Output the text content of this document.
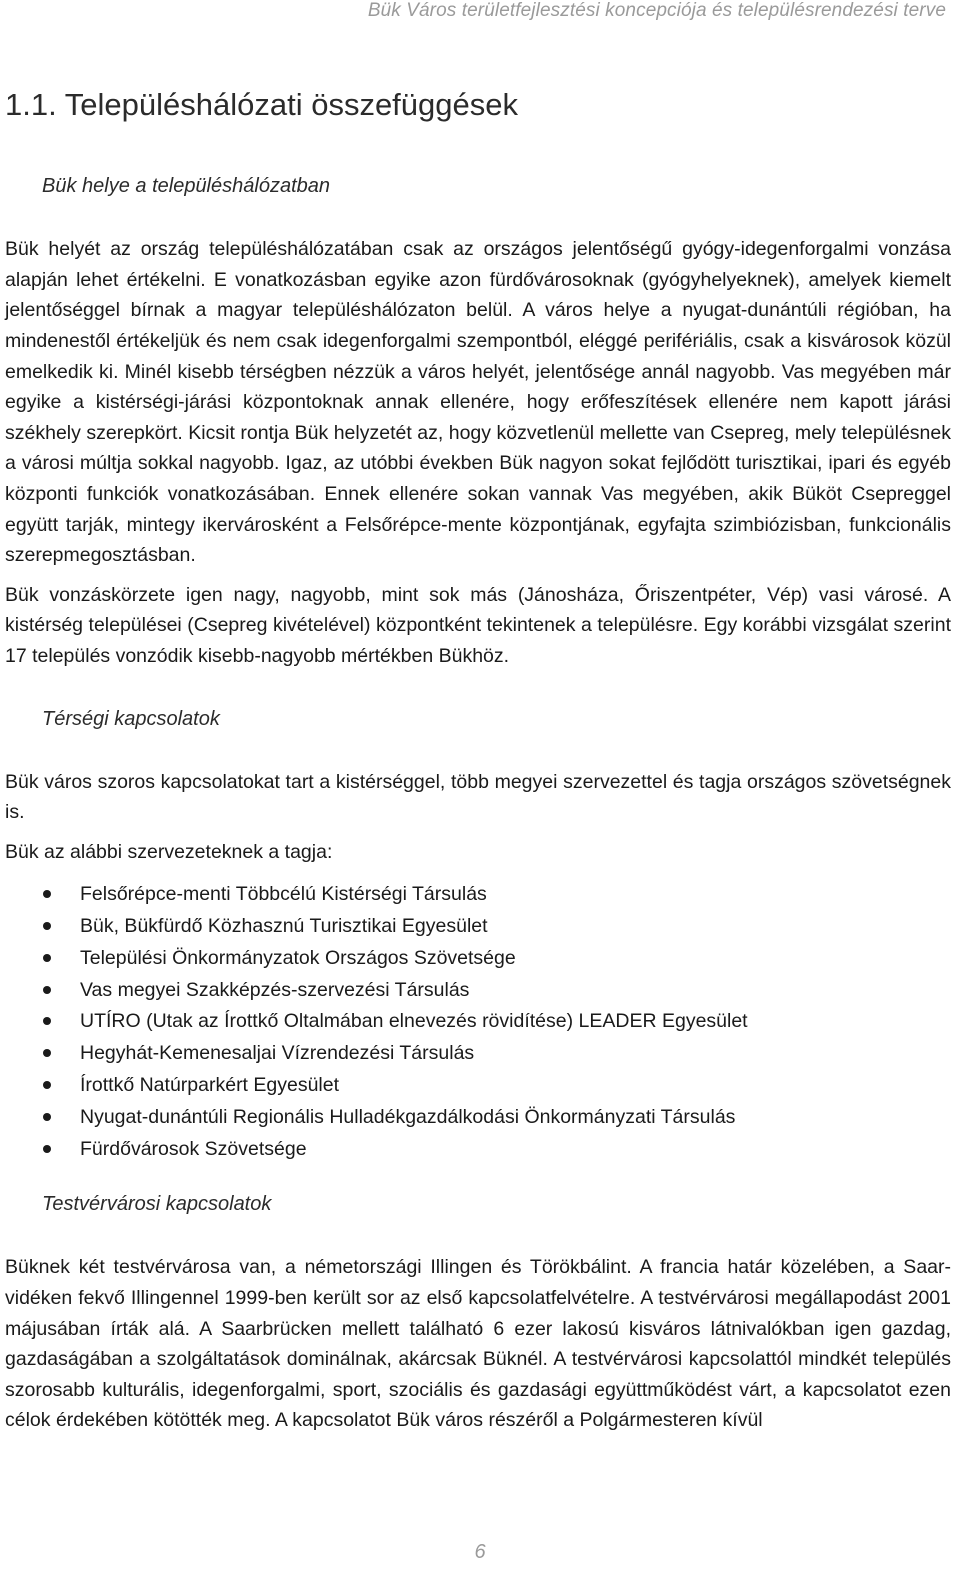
Bük Város területfejlesztési koncepciója és településrendezési terve
1.1. Településhálózati összefüggések
Bük helye a településhálózatban

Bük helyét az ország településhálózatában csak az országos jelentőségű gyógy-idegenforgalmi vonzása alapján lehet értékelni. E vonatkozásban egyike azon fürdővárosoknak (gyógyhelyeknek), amelyek kiemelt jelentőséggel bírnak a magyar településhálózaton belül. A város helye a nyugat-dunántúli régióban, ha mindenestől értékeljük és nem csak idegenforgalmi szempontból, eléggé perifériális, csak a kisvárosok közül emelkedik ki. Minél kisebb térségben nézzük a város helyét, jelentősége annál nagyobb. Vas megyében már egyike a kistérségi-járási központoknak annak ellenére, hogy erőfeszítések ellenére nem kapott járási székhely szerepkört. Kicsit rontja Bük helyzetét az, hogy közvetlenül mellette van Csepreg, mely településnek a városi múltja sokkal nagyobb. Igaz, az utóbbi években Bük nagyon sokat fejlődött turisztikai, ipari és egyéb központi funkciók vonatkozásában. Ennek ellenére sokan vannak Vas megyében, akik Büköt Csepreggel együtt tarják, mintegy ikervárosként a Felsőrépce-mente központjának, egyfajta szimbiózisban, funkcionális szerepmegosztásban.

Bük vonzáskörzete igen nagy, nagyobb, mint sok más (Jánosháza, Őriszentpéter, Vép) vasi városé. A kistérség települései (Csepreg kivételével) központként tekintenek a településre. Egy korábbi vizsgálat szerint 17 település vonzódik kisebb-nagyobb mértékben Bükhöz.

Térségi kapcsolatok

Bük város szoros kapcsolatokat tart a kistérséggel, több megyei szervezettel és tagja országos szövetségnek is.

Bük az alábbi szervezeteknek a tagja:

Felsőrépce-menti Többcélú Kistérségi Társulás
Bük, Bükfürdő Közhasznú Turisztikai Egyesület
Települési Önkormányzatok Országos Szövetsége
Vas megyei Szakképzés-szervezési Társulás
UTÍRO (Utak az Írottkő Oltalmában elnevezés rövidítése) LEADER Egyesület
Hegyhát-Kemenesaljai Vízrendezési Társulás
Írottkő Natúrparkért Egyesület
Nyugat-dunántúli Regionális Hulladékgazdálkodási Önkormányzati Társulás
Fürdővárosok Szövetsége
Testvérvárosi kapcsolatok

Büknek két testvérvárosa van, a németországi Illingen és Törökbálint. A francia határ közelében, a Saar-vidéken fekvő Illingennel 1999-ben került sor az első kapcsolatfelvételre. A testvérvárosi megállapodást 2001 májusában írták alá. A Saarbrücken mellett található 6 ezer lakosú kisváros látnivalókban igen gazdag, gazdaságában a szolgáltatások dominálnak, akárcsak Büknél. A testvérvárosi kapcsolattól mindkét település szorosabb kulturális, idegenforgalmi, sport, szociális és gazdasági együttműködést várt, a kapcsolatot ezen célok érdekében kötötték meg. A kapcsolatot Bük város részéről a Polgármesteren kívül

6
